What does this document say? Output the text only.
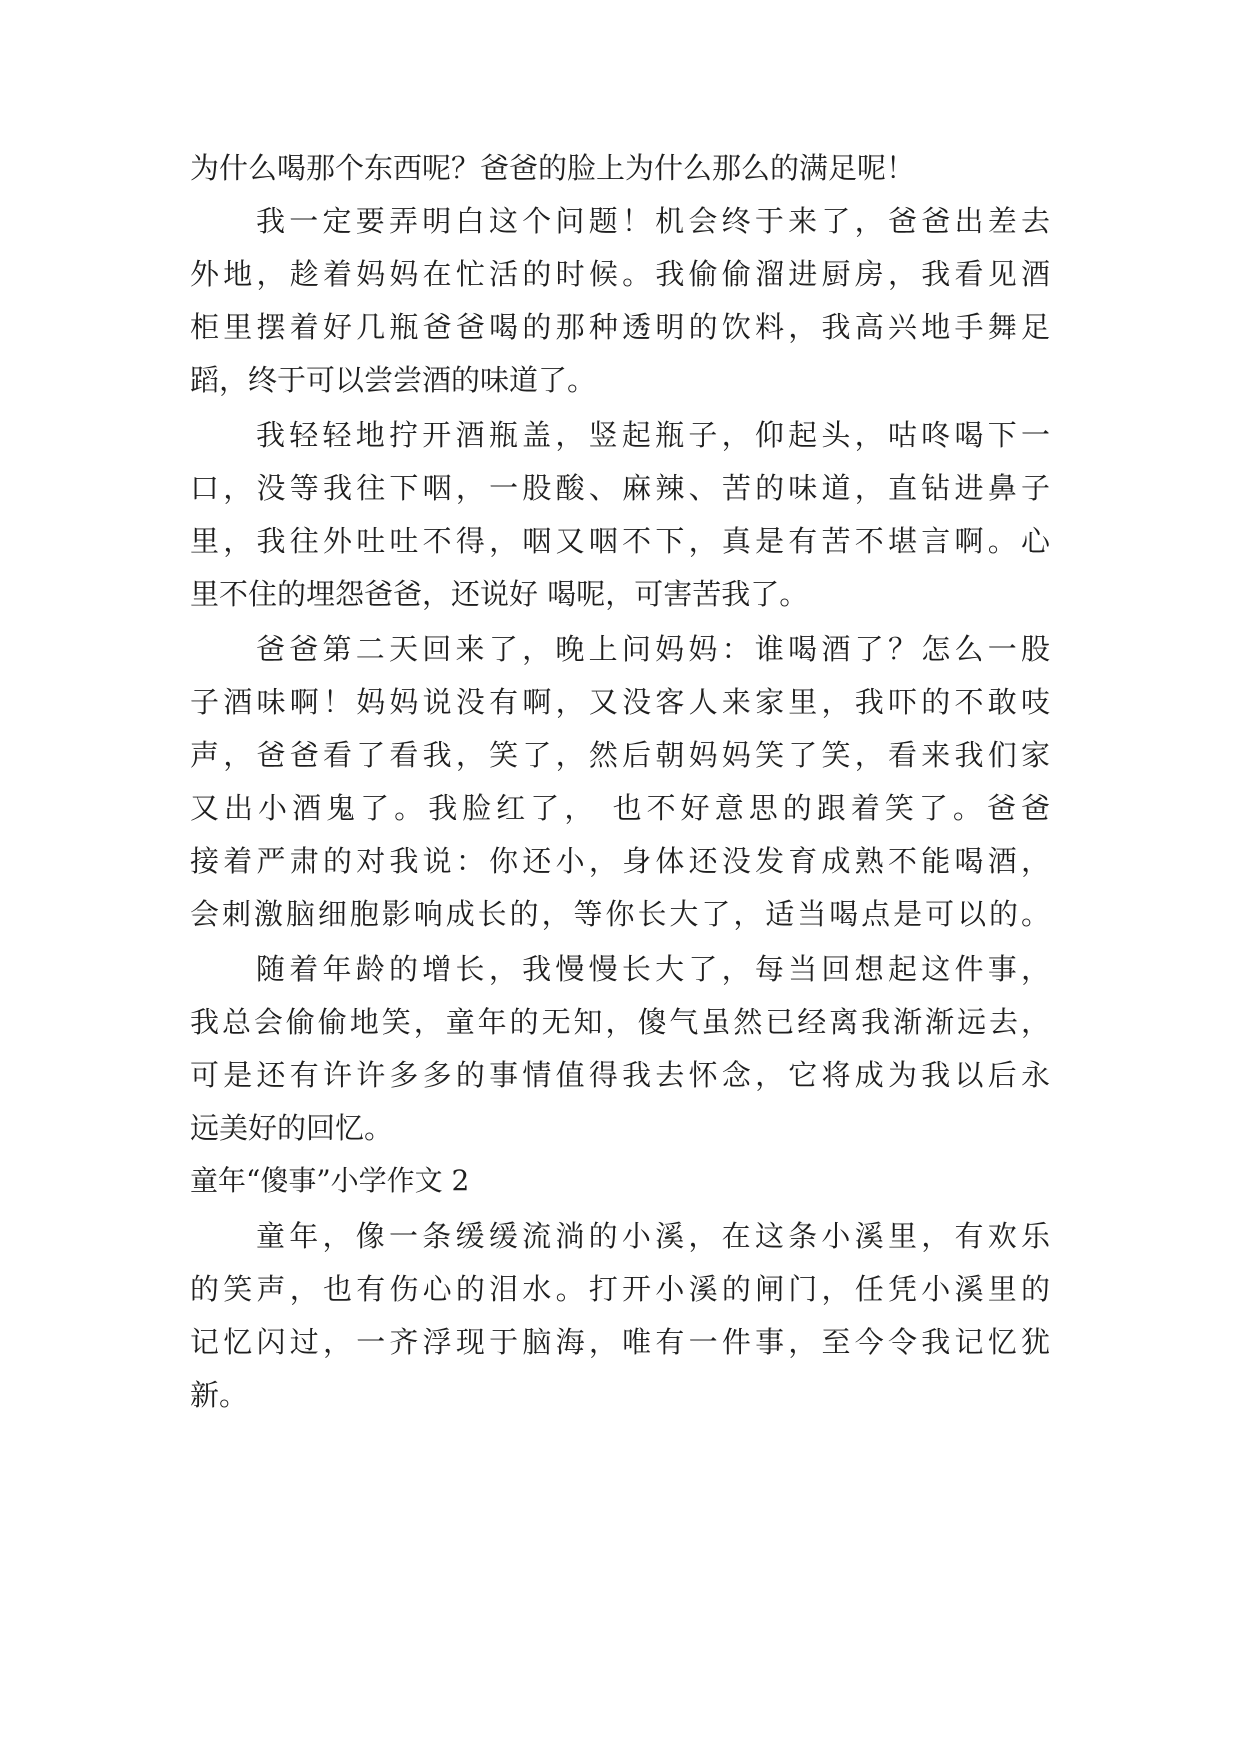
为什么喝那个东西呢？爸爸的脸上为什么那么的满足呢！

我一定要弄明白这个问题！机会终于来了，爸爸出差去

外地，趁着妈妈在忙活的时候。我偷偷溜进厨房，我看见酒

柜里摆着好几瓶爸爸喝的那种透明的饮料，我高兴地手舞足

蹈，终于可以尝尝酒的味道了。

我轻轻地拧开酒瓶盖，竖起瓶子，仰起头，咕咚喝下一

口，没等我往下咽，一股酸、麻辣、苦的味道，直钻进鼻子

里，我往外吐吐不得，咽又咽不下，真是有苦不堪言啊。心

里不住的埋怨爸爸，还说好 喝呢，可害苦我了。

爸爸第二天回来了，晚上问妈妈：谁喝酒了？怎么一股

子酒味啊！妈妈说没有啊，又没客人来家里，我吓的不敢吱

声，爸爸看了看我，笑了，然后朝妈妈笑了笑，看来我们家

又出小酒鬼了。我脸红了， 也不好意思的跟着笑了。爸爸

接着严肃的对我说：你还小，身体还没发育成熟不能喝酒，

会刺激脑细胞影响成长的，等你长大了，适当喝点是可以的。

随着年龄的增长，我慢慢长大了，每当回想起这件事，

我总会偷偷地笑，童年的无知，傻气虽然已经离我渐渐远去，

可是还有许许多多的事情值得我去怀念，它将成为我以后永

远美好的回忆。

童年“傻事”小学作文 2

童年，像一条缓缓流淌的小溪，在这条小溪里，有欢乐

的笑声，也有伤心的泪水。打开小溪的闸门，任凭小溪里的

记忆闪过，一齐浮现于脑海，唯有一件事，至今令我记忆犹

新。
